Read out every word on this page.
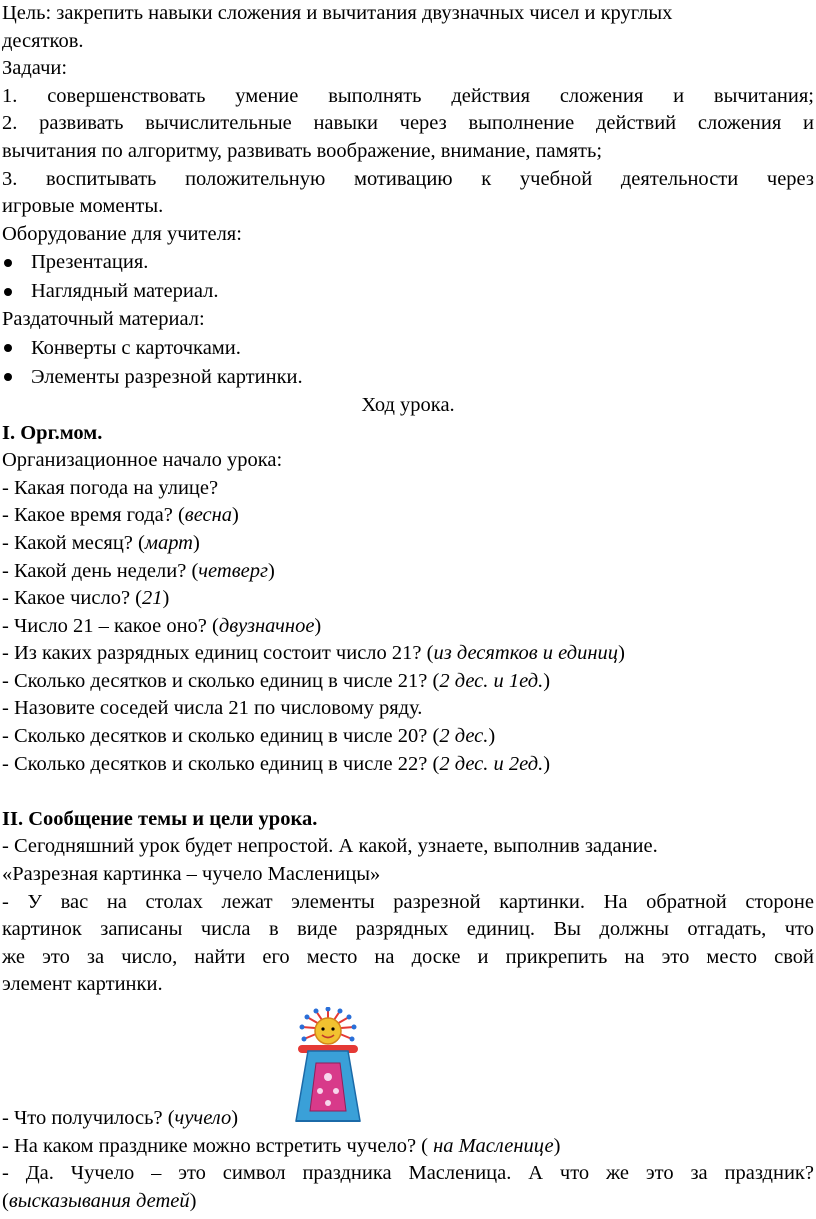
Цель: закрепить навыки сложения и вычитания двузначных чисел и круглых
десятков.
Задачи:
1. совершенствовать умение выполнять действия сложения и вычитания;
2. развивать вычислительные навыки через выполнение действий сложения и
вычитания по алгоритму, развивать воображение, внимание, память;
3. воспитывать положительную мотивацию к учебной деятельности через
игровые моменты.
Оборудование для учителя:
Презентация.
Наглядный материал.
Раздаточный материал:
Конверты с карточками.
Элементы разрезной картинки.
Ход урока.
I. Орг.мом.
Организационное начало урока:
- Какая погода на улице?
- Какое время года? (весна)
- Какой месяц? (март)
- Какой день недели? (четверг)
- Какое число? (21)
- Число 21 – какое оно? (двузначное)
- Из каких разрядных единиц состоит число 21? (из десятков и единиц)
- Сколько десятков и сколько единиц в числе 21? (2 дес. и 1ед.)
- Назовите соседей числа 21 по числовому ряду.
- Сколько десятков и сколько единиц в числе 20? (2 дес.)
- Сколько десятков и сколько единиц в числе 22? (2 дес. и 2ед.)
II. Сообщение темы и цели урока.
- Сегодняшний урок будет непростой. А какой, узнаете, выполнив задание.
«Разрезная картинка – чучело Масленицы»
- У вас на столах лежат элементы разрезной картинки. На обратной стороне
картинок записаны числа в виде разрядных единиц. Вы должны отгадать, что
же это за число, найти его место на доске и прикрепить на это место свой
элемент картинки.
- Что получилось? (чучело)
- На каком празднике можно встретить чучело? ( на Масленице)
- Да. Чучело – это символ праздника Масленица. А что же это за праздник?
(высказывания детей)
